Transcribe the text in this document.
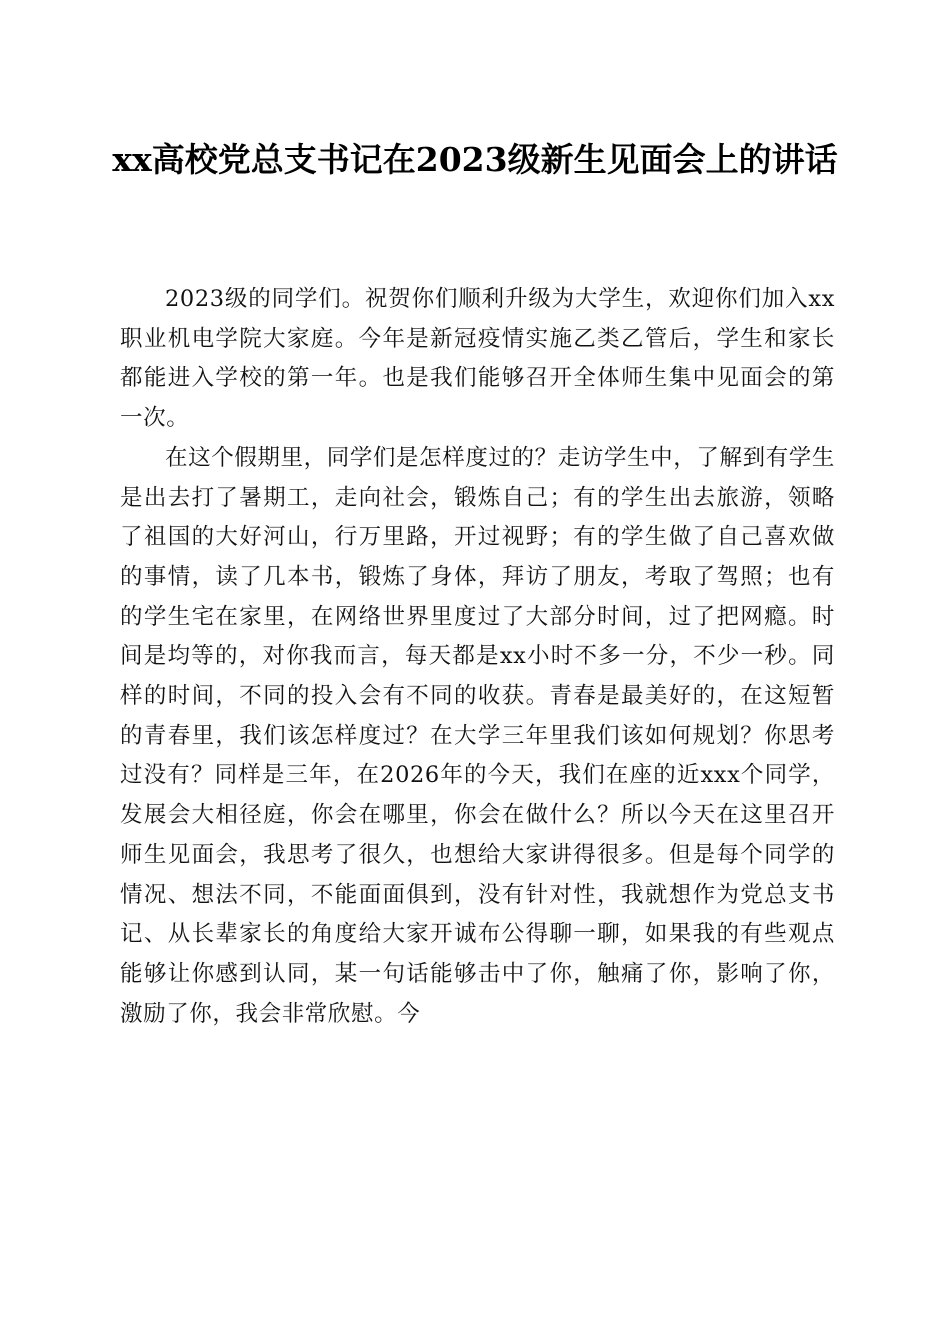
xx高校党总支书记在2023级新生见面会上的讲话

2023级的同学们。祝贺你们顺利升级为大学生，欢迎你们加入xx职业机电学院大家庭。今年是新冠疫情实施乙类乙管后，学生和家长都能进入学校的第一年。也是我们能够召开全体师生集中见面会的第一次。

在这个假期里，同学们是怎样度过的？走访学生中，了解到有学生是出去打了暑期工，走向社会，锻炼自己；有的学生出去旅游，领略了祖国的大好河山，行万里路，开过视野；有的学生做了自己喜欢做的事情，读了几本书，锻炼了身体，拜访了朋友，考取了驾照；也有的学生宅在家里，在网络世界里度过了大部分时间，过了把网瘾。时间是均等的，对你我而言，每天都是xx小时不多一分，不少一秒。同样的时间，不同的投入会有不同的收获。青春是最美好的，在这短暂的青春里，我们该怎样度过？在大学三年里我们该如何规划？你思考过没有？同样是三年，在2026年的今天，我们在座的近xxx个同学，发展会大相径庭，你会在哪里，你会在做什么？所以今天在这里召开师生见面会，我思考了很久，也想给大家讲得很多。但是每个同学的情况、想法不同，不能面面俱到，没有针对性，我就想作为党总支书记、从长辈家长的角度给大家开诚布公得聊一聊，如果我的有些观点能够让你感到认同，某一句话能够击中了你，触痛了你，影响了你，激励了你，我会非常欣慰。今
